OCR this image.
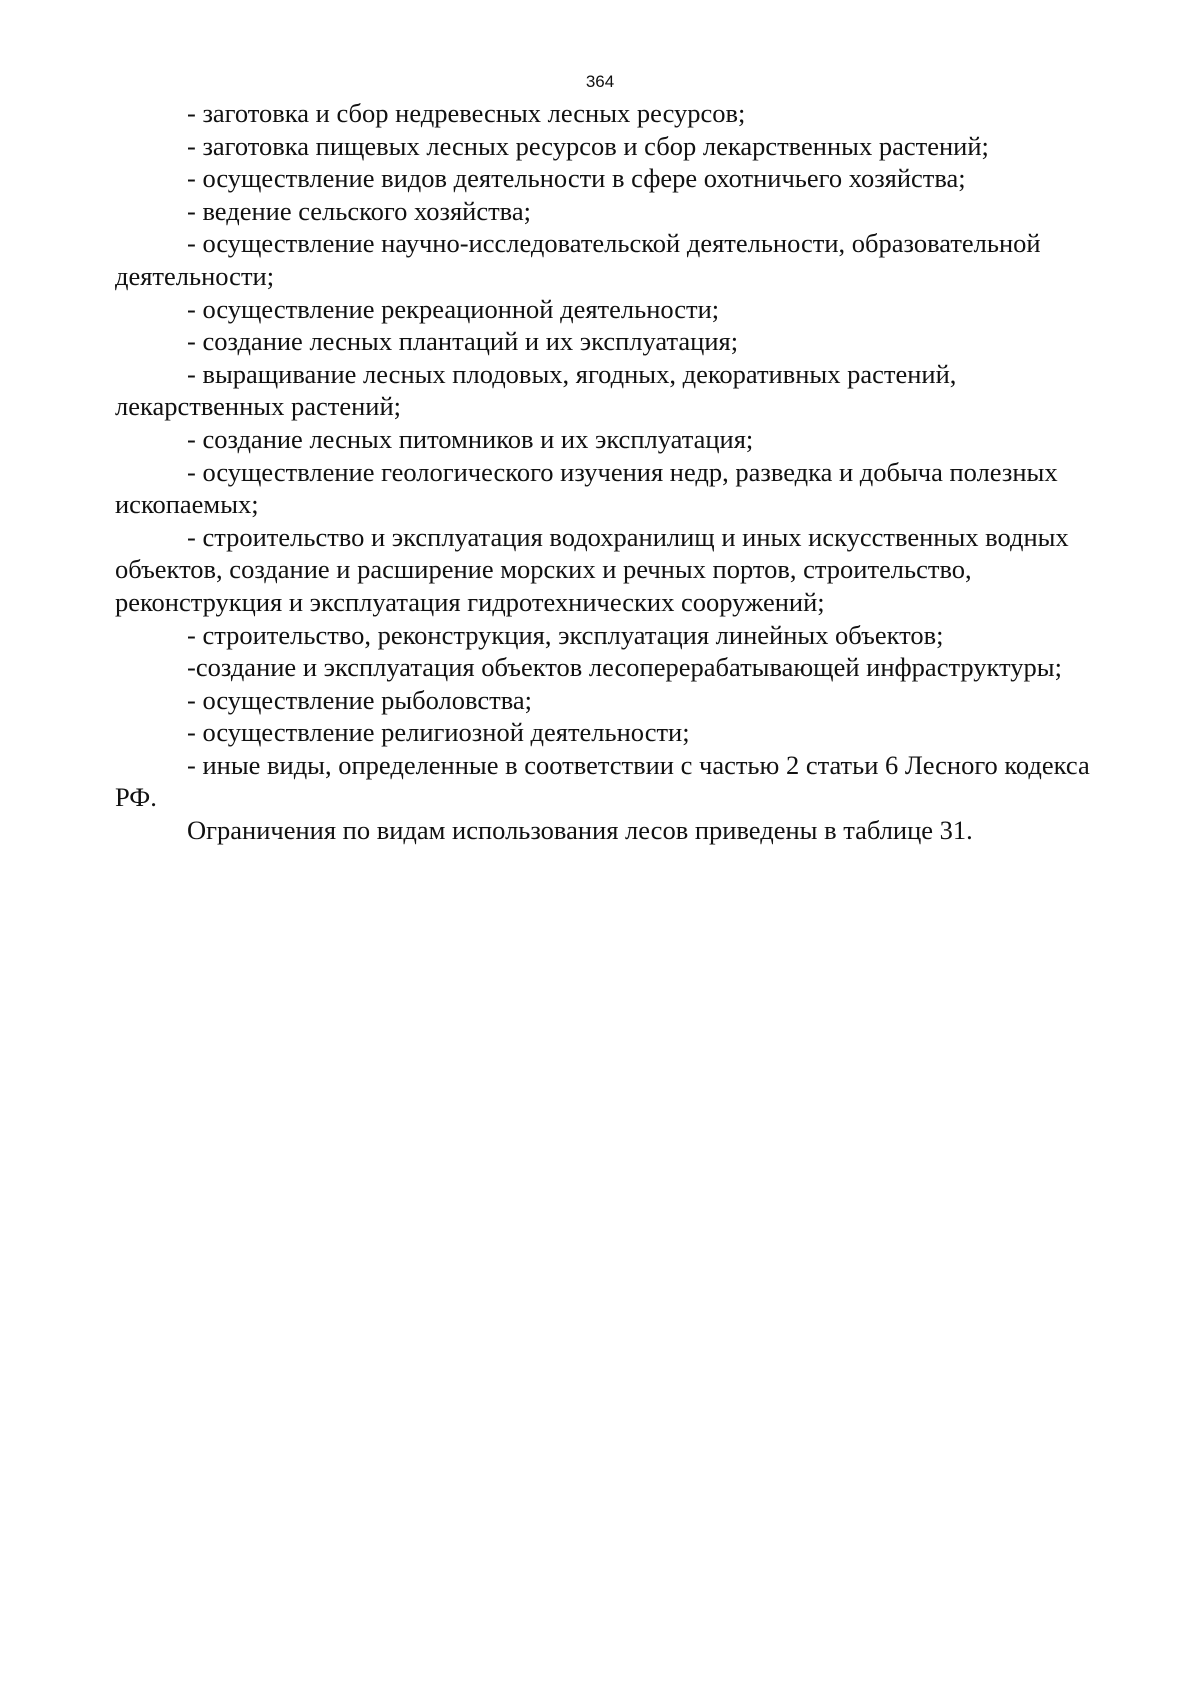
364

- заготовка и сбор недревесных лесных ресурсов;

- заготовка пищевых лесных ресурсов и сбор лекарственных растений;

- осуществление видов деятельности в сфере охотничьего хозяйства;

- ведение сельского хозяйства;

- осуществление научно-исследовательской деятельности, образовательной деятельности;

- осуществление рекреационной деятельности;

- создание лесных плантаций и их эксплуатация;

- выращивание лесных плодовых, ягодных, декоративных растений, лекарственных растений;

- создание лесных питомников и их эксплуатация;

- осуществление геологического изучения недр, разведка и добыча полезных ископаемых;

- строительство и эксплуатация водохранилищ и иных искусственных водных объектов, создание и расширение морских и речных портов, строительство, реконструкция и эксплуатация гидротехнических сооружений;

- строительство, реконструкция, эксплуатация линейных объектов;

-создание и эксплуатация объектов лесоперерабатывающей инфраструктуры;

- осуществление рыболовства;

- осуществление религиозной деятельности;

- иные виды, определенные в соответствии с частью 2 статьи 6 Лесного кодекса РФ.

Ограничения по видам использования лесов приведены в таблице 31.
